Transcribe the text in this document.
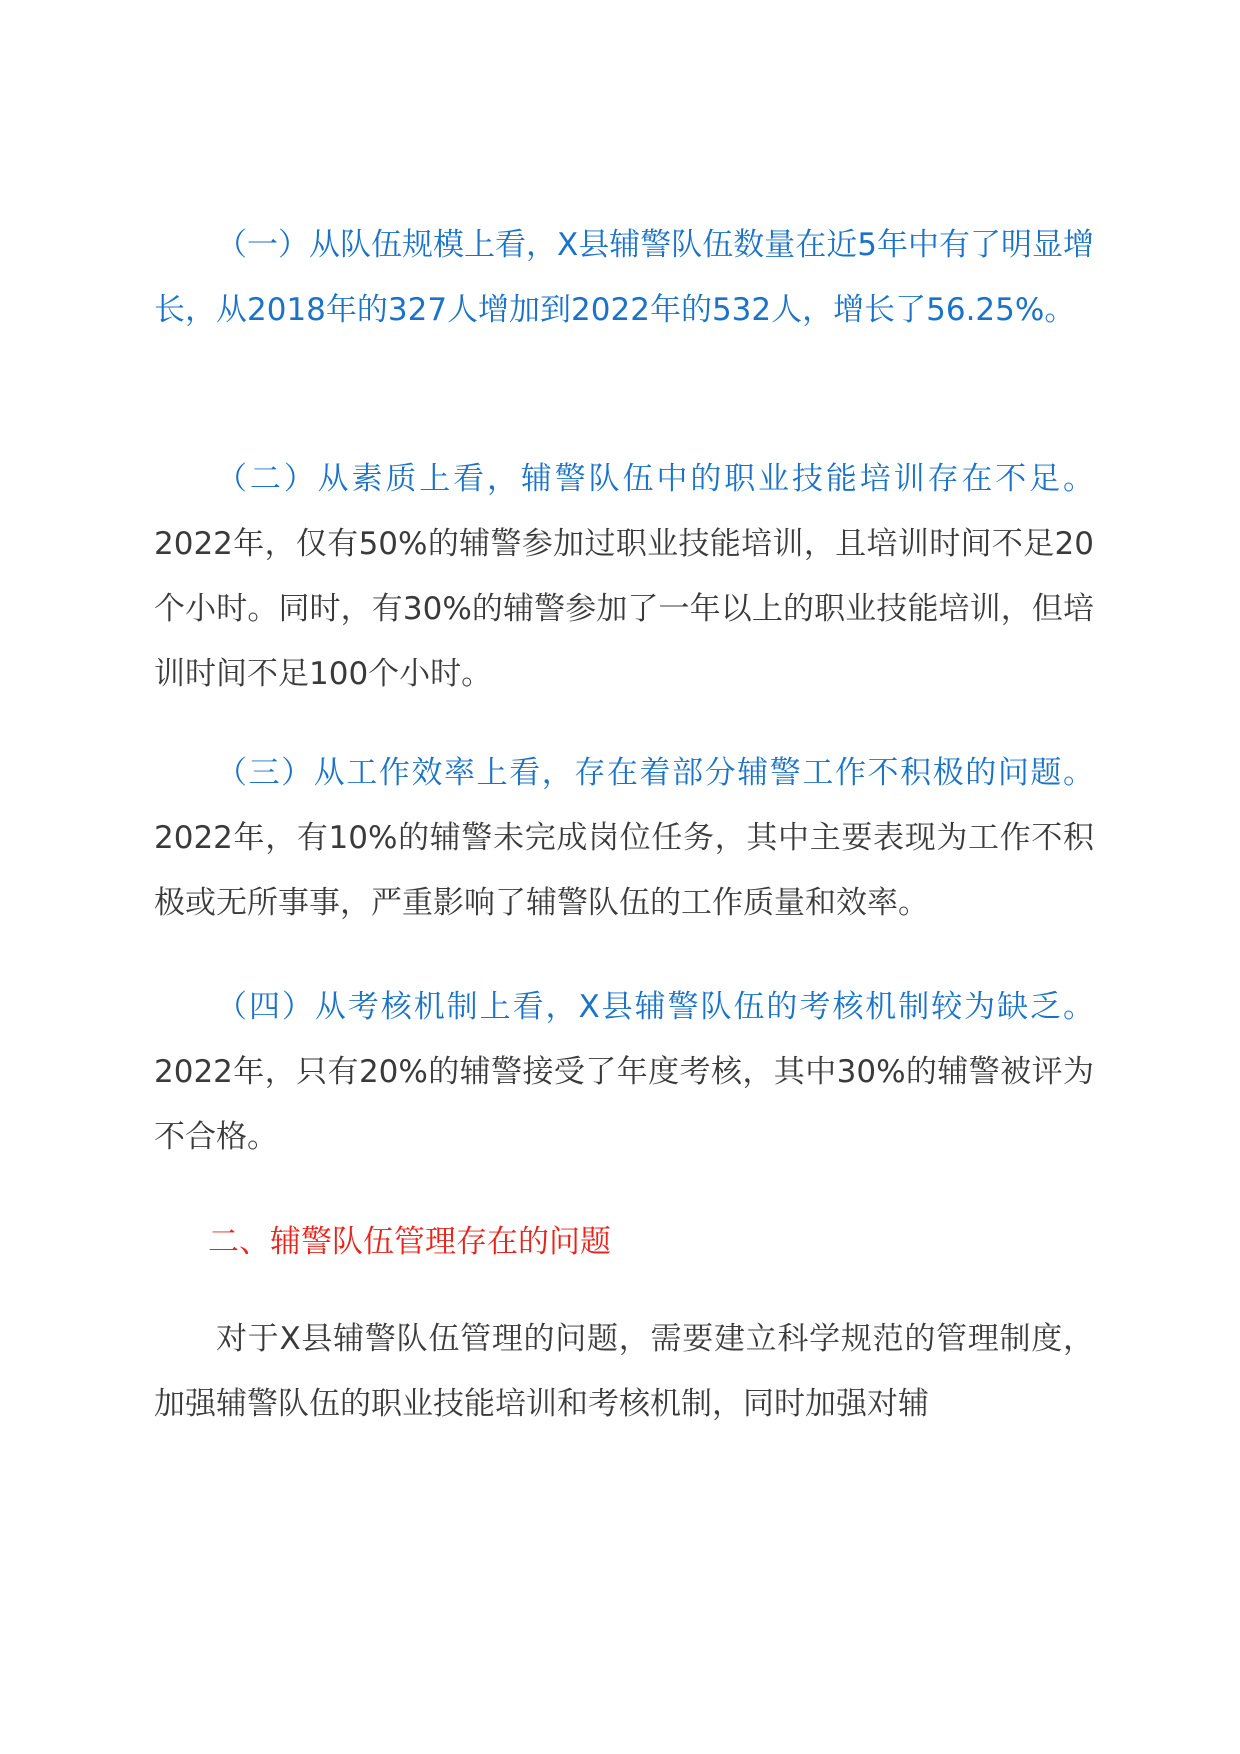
（一）从队伍规模上看，X县辅警队伍数量在近5年中有了明显增长，从2018年的327人增加到2022年的532人，增长了56.25%。

（二）从素质上看，辅警队伍中的职业技能培训存在不足。2022年，仅有50%的辅警参加过职业技能培训，且培训时间不足20个小时。同时，有30%的辅警参加了一年以上的职业技能培训，但培训时间不足100个小时。

（三）从工作效率上看，存在着部分辅警工作不积极的问题。2022年，有10%的辅警未完成岗位任务，其中主要表现为工作不积极或无所事事，严重影响了辅警队伍的工作质量和效率。

（四）从考核机制上看，X县辅警队伍的考核机制较为缺乏。2022年，只有20%的辅警接受了年度考核，其中30%的辅警被评为不合格。

二、辅警队伍管理存在的问题

对于X县辅警队伍管理的问题，需要建立科学规范的管理制度，加强辅警队伍的职业技能培训和考核机制，同时加强对辅
